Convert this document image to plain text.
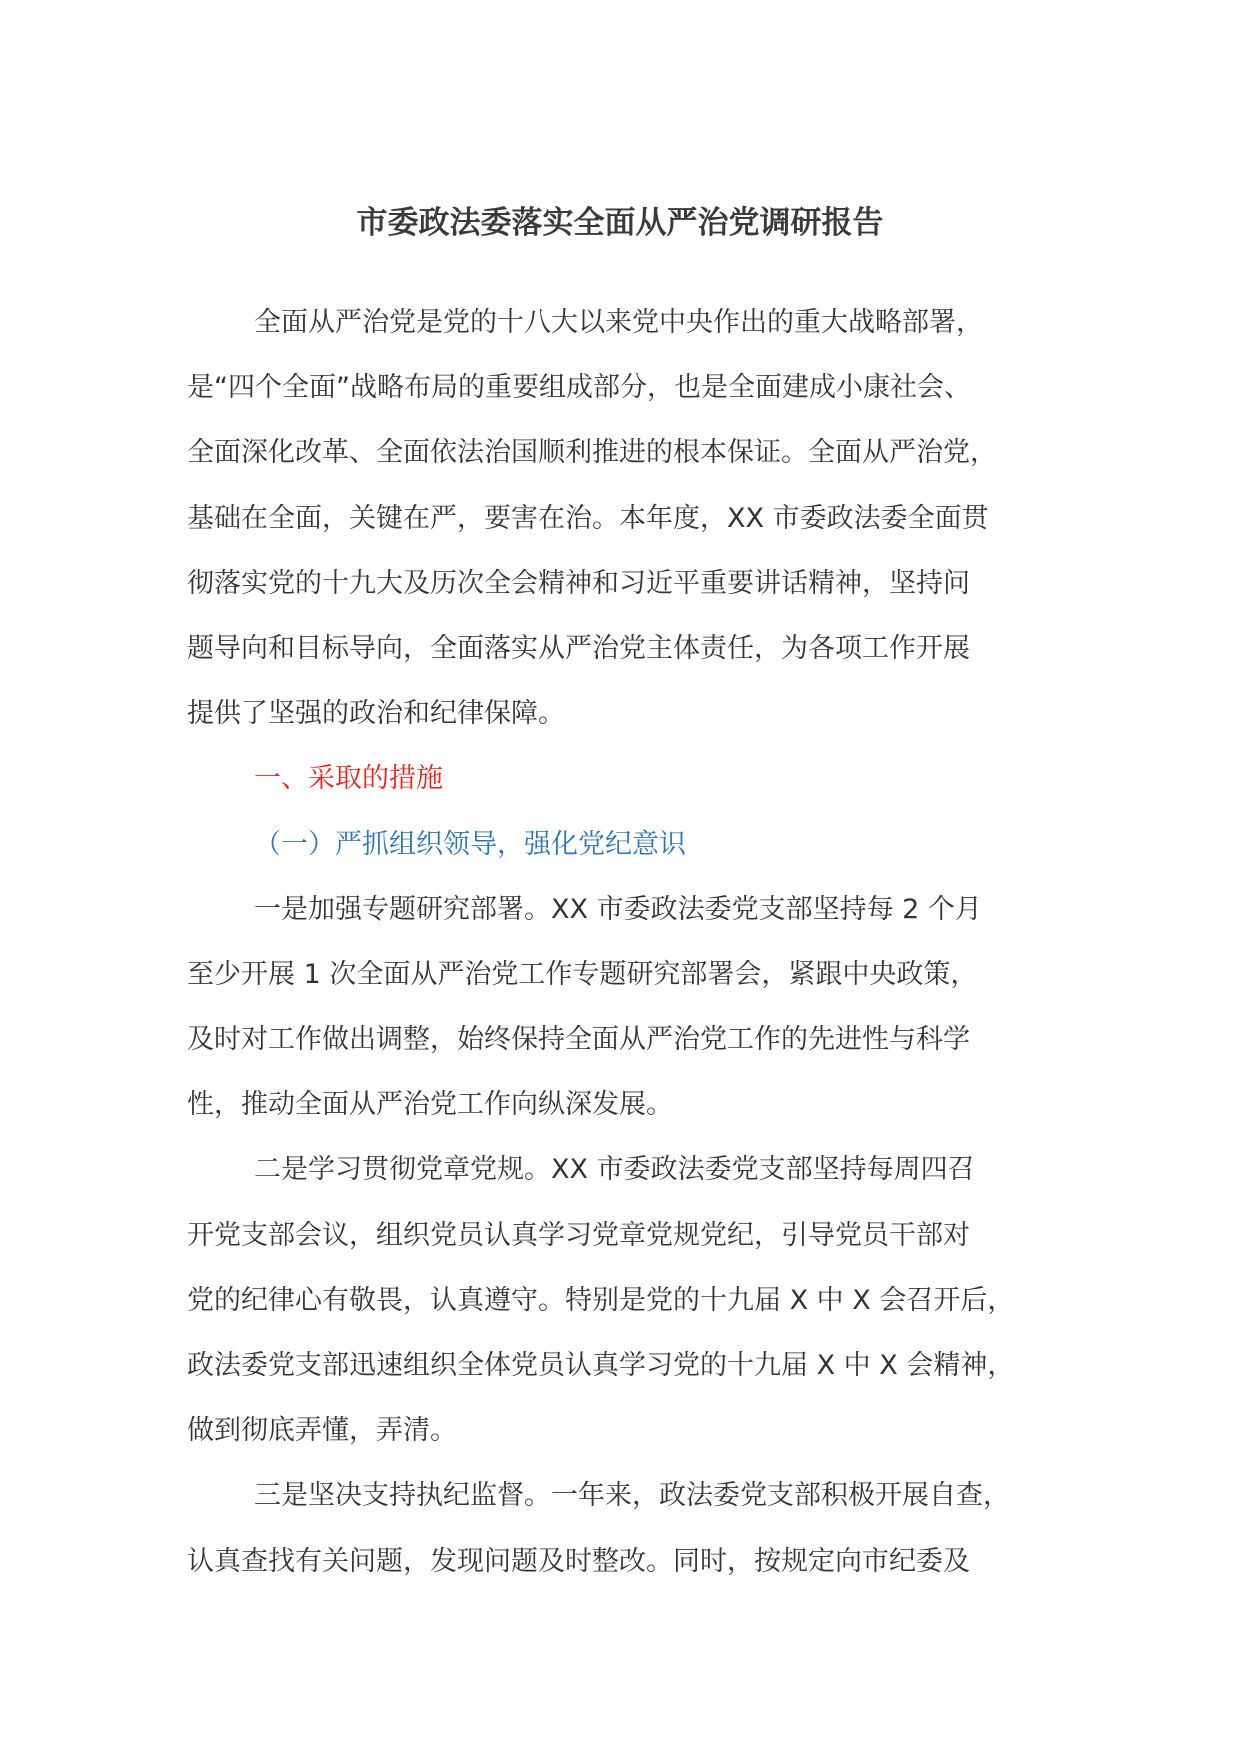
市委政法委落实全面从严治党调研报告
全面从严治党是党的十八大以来党中央作出的重大战略部署，
是“四个全面”战略布局的重要组成部分，也是全面建成小康社会、
全面深化改革、全面依法治国顺利推进的根本保证。全面从严治党，
基础在全面，关键在严，要害在治。本年度，XX 市委政法委全面贯
彻落实党的十九大及历次全会精神和习近平重要讲话精神，坚持问
题导向和目标导向，全面落实从严治党主体责任，为各项工作开展
提供了坚强的政治和纪律保障。
一、采取的措施
（一）严抓组织领导，强化党纪意识
一是加强专题研究部署。XX 市委政法委党支部坚持每 2 个月
至少开展 1 次全面从严治党工作专题研究部署会，紧跟中央政策，
及时对工作做出调整，始终保持全面从严治党工作的先进性与科学
性，推动全面从严治党工作向纵深发展。
二是学习贯彻党章党规。XX 市委政法委党支部坚持每周四召
开党支部会议，组织党员认真学习党章党规党纪，引导党员干部对
党的纪律心有敬畏，认真遵守。特别是党的十九届 X 中 X 会召开后，
政法委党支部迅速组织全体党员认真学习党的十九届 X 中 X 会精神，
做到彻底弄懂，弄清。
三是坚决支持执纪监督。一年来，政法委党支部积极开展自查，
认真查找有关问题，发现问题及时整改。同时，按规定向市纪委及
